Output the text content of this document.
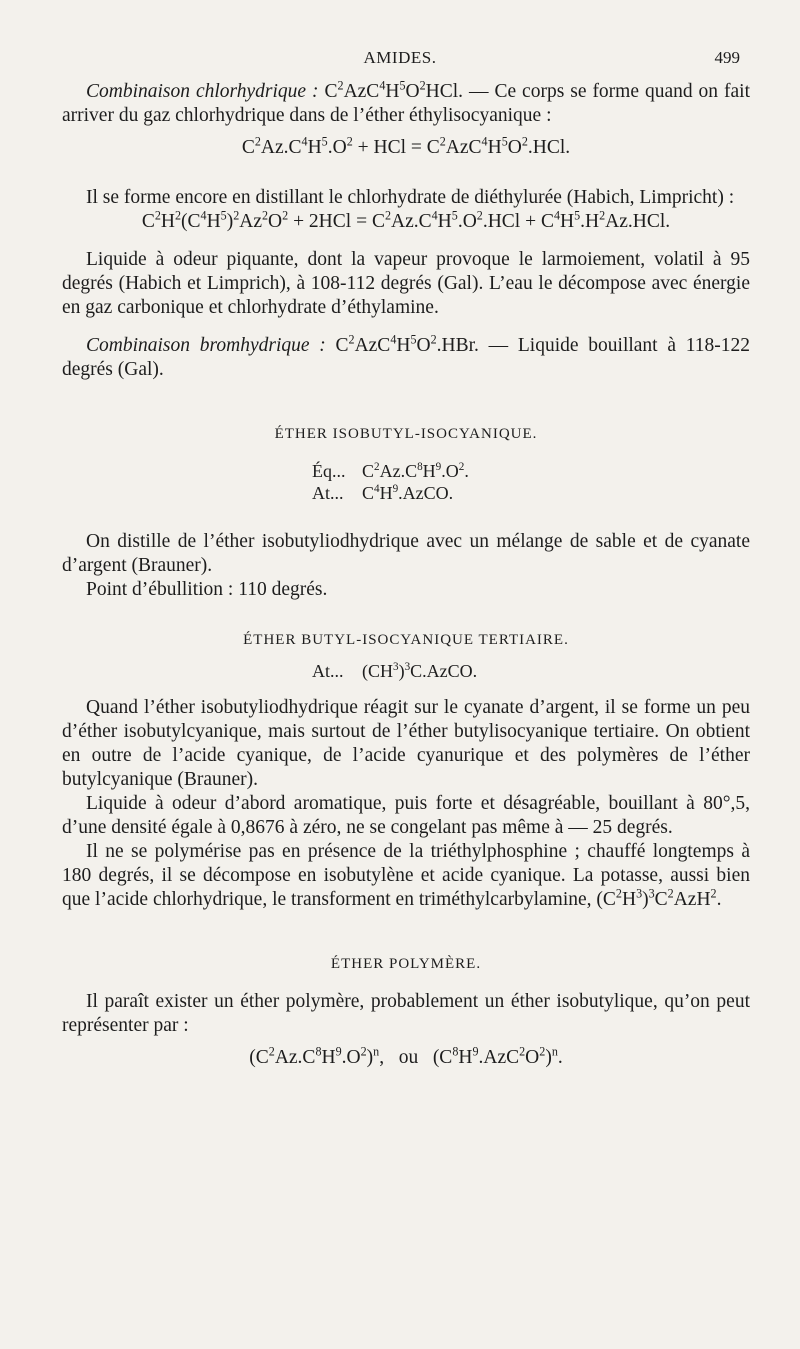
AMIDES.	499

Combinaison chlorhydrique : $C^2AzC^4H^5O^2HCl$. — Ce corps se forme quand on fait arriver du gaz chlorhydrique dans de l’éther éthylisocyanique :

$C^2Az.C^4H^5.O^2$ + HCl = $C^2AzC^4H^5O^2.HCl$.

Il se forme encore en distillant le chlorhydrate de diéthylurée (Habich, Limpricht) :

$C^2H^2(C^4H^5)^2Az^2O^2 + 2HCl = C^2Az.C^4H^5.O^2.HCl + C^4H^5.H^2Az.HCl$.

Liquide à odeur piquante, dont la vapeur provoque le larmoiement, volatil à 95 degrés (Habich et Limprich), à 108-112 degrés (Gal). L’eau le décompose avec énergie en gaz carbonique et chlorhydrate d’éthylamine.

Combinaison bromhydrique : $C^2AzC^4H^5O^2.HBr$. — Liquide bouillant à 118-122 degrés (Gal).

ÉTHER ISOBUTYL-ISOCYANIQUE.

Éq... $C^2Az.C^8H^9.O^2$.
At... $C^4H^9.AzCO$.

On distille de l’éther isobutyliodhydrique avec un mélange de sable et de cyanate d’argent (Brauner).

Point d’ébullition : 110 degrés.

ÉTHER BUTYL-ISOCYANIQUE TERTIAIRE.

At... $(CH^3)^3C.AzCO$.

Quand l’éther isobutyliodhydrique réagit sur le cyanate d’argent, il se forme un peu d’éther isobutylcyanique, mais surtout de l’éther butylisocyanique tertiaire. On obtient en outre de l’acide cyanique, de l’acide cyanurique et des polymères de l’éther butylcyanique (Brauner).

Liquide à odeur d’abord aromatique, puis forte et désagréable, bouillant à 80°,5, d’une densité égale à 0,8676 à zéro, ne se congelant pas même à — 25 degrés.

Il ne se polymérise pas en présence de la triéthylphosphine ; chauffé longtemps à 180 degrés, il se décompose en isobutylène et acide cyanique. La potasse, aussi bien que l’acide chlorhydrique, le transforment en triméthylcarbylamine, $(C^2H^3)^3C^2AzH^2$.

ÉTHER POLYMÈRE.

Il paraît exister un éther polymère, probablement un éther isobutylique, qu’on peut représenter par :

$(C^2Az.C^8H^9.O^2)^n$, ou $(C^8H^9.AzC^2O^2)^n$.
